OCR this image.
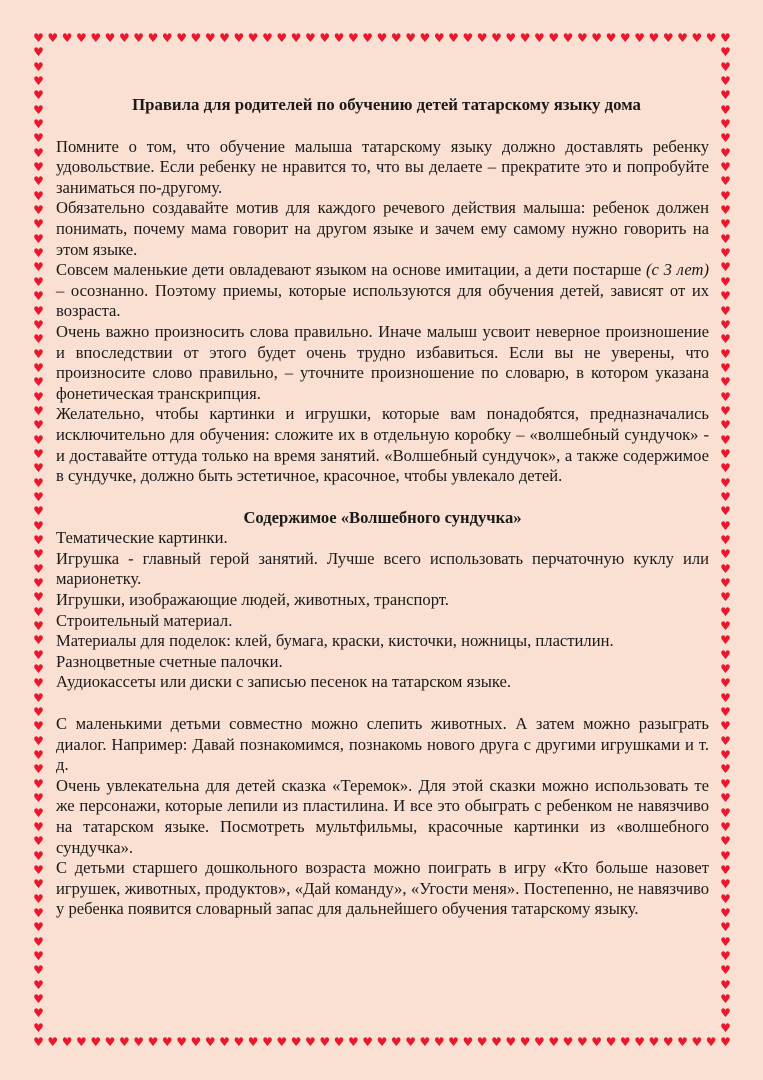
♥
♥
♥
♥
♥
♥
♥
♥
♥
♥
♥
♥
♥
♥
♥
♥
♥
♥
♥
♥
♥
♥
♥
♥
♥
♥
♥
♥
♥
♥
♥
♥
♥
♥
♥
♥
♥
♥
♥
♥
♥
♥
♥
♥
♥
♥
♥
♥
♥
♥
♥
♥
♥
♥
♥
♥
♥
♥
♥
♥
♥
♥
♥
♥
♥
♥
♥
♥
♥
♥
♥
♥
♥
♥
♥
♥
♥
♥
♥
♥
♥
♥
♥
♥
♥
♥
♥
♥
♥
♥
♥
♥
♥
♥
♥
♥
♥
♥
♥	♥
♥	♥
♥	♥
♥	♥
♥	♥
♥	♥
♥	♥
♥	♥
♥	♥
♥	♥
♥	♥
♥	♥
♥	♥
♥	♥
♥	♥
♥	♥
♥	♥
♥	♥
♥	♥
♥	♥
♥	♥
♥	♥
♥	♥
♥	♥
♥	♥
♥	♥
♥	♥
♥	♥
♥	♥
♥	♥
♥	♥
♥	♥
♥	♥
♥	♥
♥	♥
♥	♥
♥	♥
♥	♥
♥	♥
♥	♥
♥	♥
♥	♥
♥	♥
♥	♥
♥	♥
♥	♥
♥	♥
♥	♥
♥	♥
♥	♥
♥	♥
♥	♥
♥	♥
♥	♥
♥	♥
♥	♥
♥	♥
♥	♥
♥	♥
♥	♥
♥	♥
♥	♥
♥	♥
♥	♥
♥	♥
♥	♥
♥	♥
♥	♥
♥	♥
Правила для родителей по обучению детей татарскому языку дома

Помните о том, что обучение малыша татарскому языку должно доставлять ребенку удовольствие. Если ребенку не нравится то, что вы делаете – прекратите это и попробуйте заниматься по-другому.

Обязательно создавайте мотив для каждого речевого действия малыша: ребенок должен понимать, почему мама говорит на другом языке и зачем ему самому нужно говорить на этом языке.

Совсем маленькие дети овладевают языком на основе имитации, а дети постарше (с 3 лет) – осознанно. Поэтому приемы, которые используются для обучения детей, зависят от их возраста.

Очень важно произносить слова правильно. Иначе малыш усвоит неверное произношение и впоследствии от этого будет очень трудно избавиться. Если вы не уверены, что произносите слово правильно, – уточните произношение по словарю, в котором указана фонетическая транскрипция.

Желательно, чтобы картинки и игрушки, которые вам понадобятся, предназначались исключительно для обучения: сложите их в отдельную коробку – «волшебный сундучок» - и доставайте оттуда только на время занятий. «Волшебный сундучок», а также содержимое в сундучке, должно быть эстетичное, красочное, чтобы увлекало детей.

Содержимое «Волшебного сундучка»

Тематические картинки.

Игрушка - главный герой занятий. Лучше всего использовать перчаточную куклу или марионетку.

Игрушки, изображающие людей, животных, транспорт.

Строительный материал.

Материалы для поделок: клей, бумага, краски, кисточки, ножницы, пластилин.

Разноцветные счетные палочки.

Аудиокассеты или диски с записью песенок на татарском языке.

С маленькими детьми совместно можно слепить животных. А затем можно разыграть диалог. Например: Давай познакомимся, познакомь нового друга с другими игрушками и т. д.

Очень увлекательна для детей сказка «Теремок». Для этой сказки можно использовать те же персонажи, которые лепили из пластилина. И все это обыграть с ребенком не навязчиво на татарском языке. Посмотреть мультфильмы, красочные картинки из «волшебного сундучка».

С детьми старшего дошкольного возраста можно поиграть в игру «Кто больше назовет игрушек, животных, продуктов», «Дай команду», «Угости меня». Постепенно, не навязчиво у ребенка появится словарный запас для дальнейшего обучения татарскому языку.
